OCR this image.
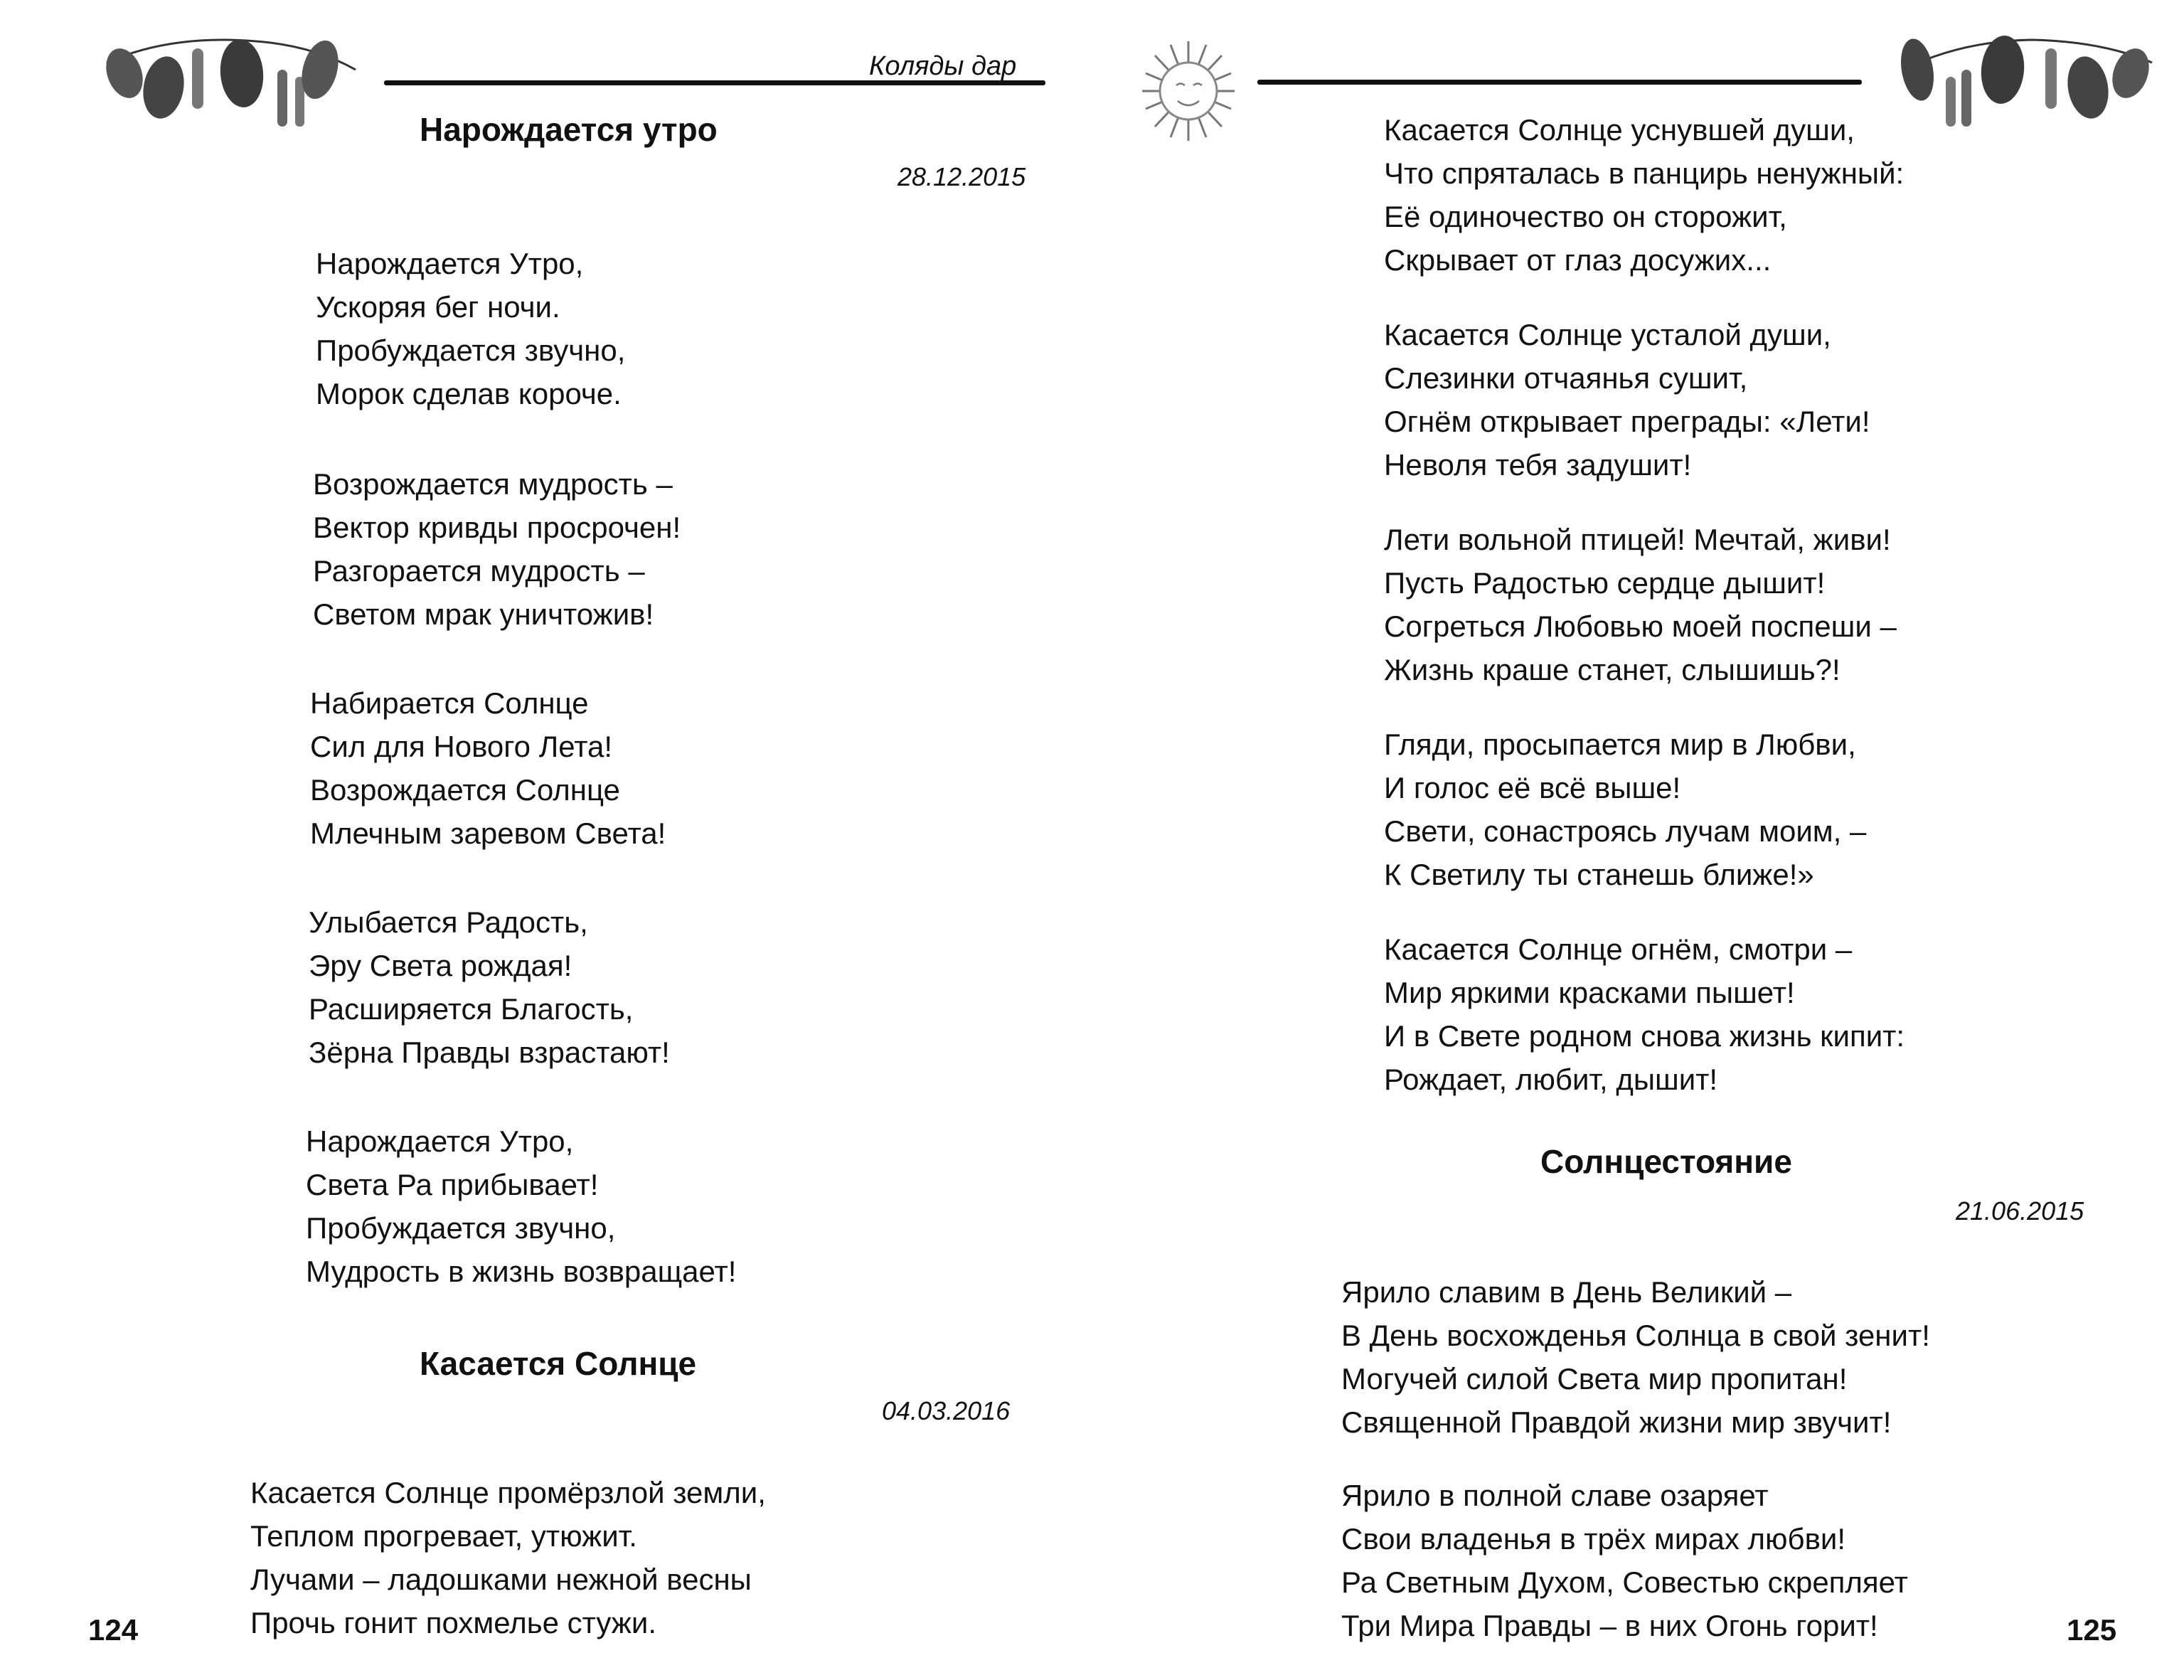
Коляды дар
Нарождается утро
28.12.2015
Нарождается Утро,
Ускоряя бег ночи.
Пробуждается звучно,
Морок сделав короче.
Возрождается мудрость –
Вектор кривды просрочен!
Разгорается мудрость –
Светом мрак уничтожив!
Набирается Солнце
Сил для Нового Лета!
Возрождается Солнце
Млечным заревом Света!
Улыбается Радость,
Эру Света рождая!
Расширяется Благость,
Зёрна Правды взрастают!
Нарождается Утро,
Света Ра прибывает!
Пробуждается звучно,
Мудрость в жизнь возвращает!
Касается Солнце
04.03.2016
Касается Солнце промёрзлой земли,
Теплом прогревает, утюжит.
Лучами – ладошками нежной весны
Прочь гонит похмелье стужи.
124
Касается Солнце уснувшей души,
Что спряталась в панцирь ненужный:
Её одиночество он сторожит,
Скрывает от глаз досужих...
Касается Солнце усталой души,
Слезинки отчаянья сушит,
Огнём открывает преграды: «Лети!
Неволя тебя задушит!
Лети вольной птицей! Мечтай, живи!
Пусть Радостью сердце дышит!
Согреться Любовью моей поспеши –
Жизнь краше станет, слышишь?!
Гляди, просыпается мир в Любви,
И голос её всё выше!
Свети, сонастроясь лучам моим, –
К Светилу ты станешь ближе!»
Касается Солнце огнём, смотри –
Мир яркими красками пышет!
И в Свете родном снова жизнь кипит:
Рождает, любит, дышит!
Солнцестояние
21.06.2015
Ярило славим в День Великий –
В День восхожденья Солнца в свой зенит!
Могучей силой Света мир пропитан!
Священной Правдой жизни мир звучит!
Ярило в полной славе озаряет
Свои владенья в трёх мирах любви!
Ра Светным Духом, Совестью скрепляет
Три Мира Правды – в них Огонь горит!	125
